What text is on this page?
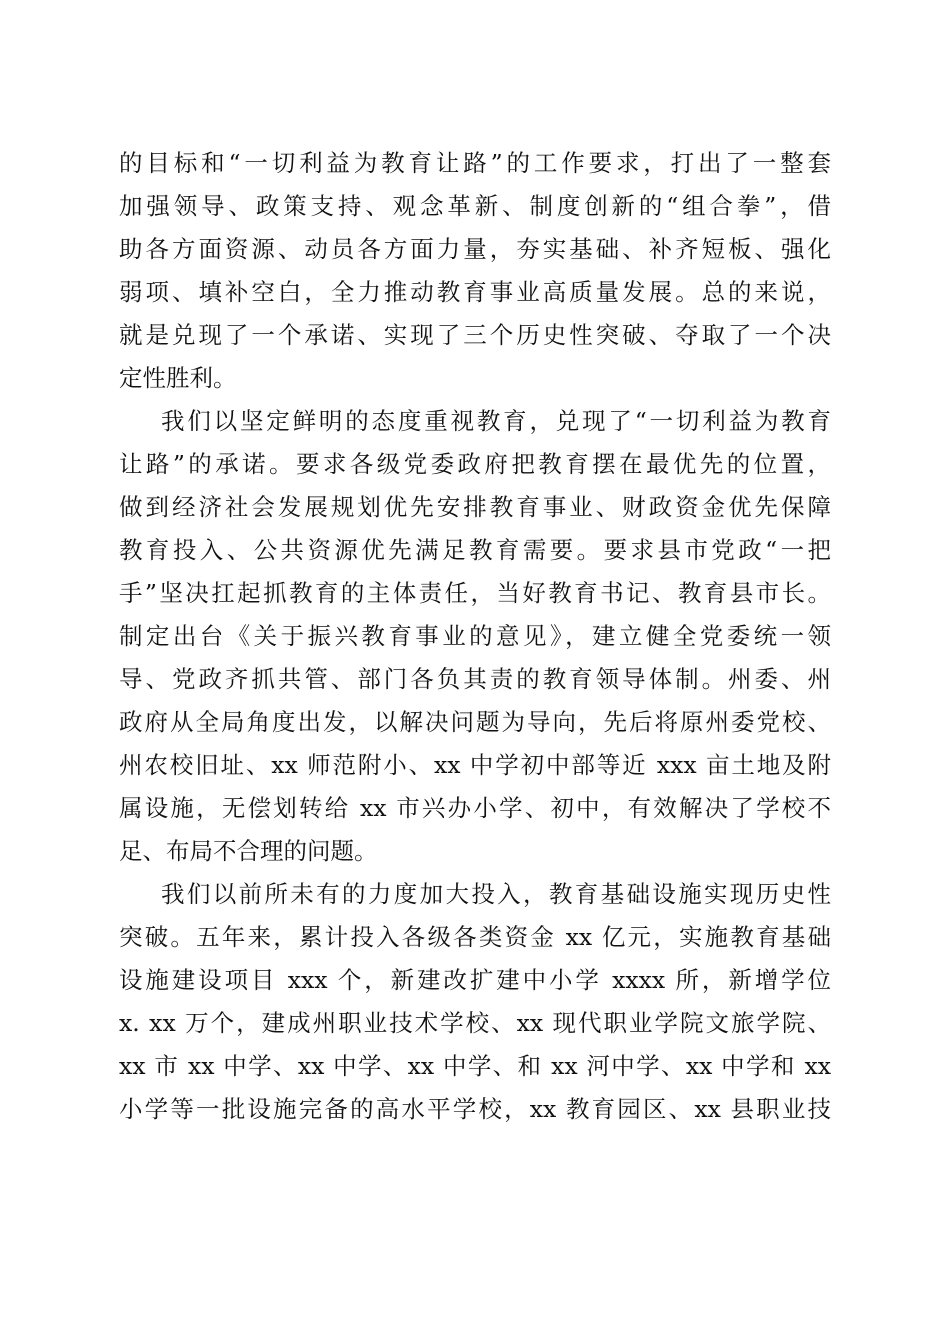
的目标和“一切利益为教育让路”的工作要求，打出了一整套
加强领导、政策支持、观念革新、制度创新的“组合拳”，借
助各方面资源、动员各方面力量，夯实基础、补齐短板、强化
弱项、填补空白，全力推动教育事业高质量发展。总的来说，
就是兑现了一个承诺、实现了三个历史性突破、夺取了一个决
定性胜利。
我们以坚定鲜明的态度重视教育，兑现了“一切利益为教育
让路”的承诺。要求各级党委政府把教育摆在最优先的位置，
做到经济社会发展规划优先安排教育事业、财政资金优先保障
教育投入、公共资源优先满足教育需要。要求县市党政“一把
手”坚决扛起抓教育的主体责任，当好教育书记、教育县市长。
制定出台《关于振兴教育事业的意见》，建立健全党委统一领
导、党政齐抓共管、部门各负其责的教育领导体制。州委、州
政府从全局角度出发，以解决问题为导向，先后将原州委党校、
州农校旧址、xx 师范附小、xx 中学初中部等近 xxx 亩土地及附
属设施，无偿划转给 xx 市兴办小学、初中，有效解决了学校不
足、布局不合理的问题。
我们以前所未有的力度加大投入，教育基础设施实现历史性
突破。五年来，累计投入各级各类资金 xx 亿元，实施教育基础
设施建设项目 xxx 个，新建改扩建中小学 xxxx 所，新增学位
x. xx 万个，建成州职业技术学校、xx 现代职业学院文旅学院、
xx 市 xx 中学、xx 中学、xx 中学、和 xx 河中学、xx 中学和 xx
小学等一批设施完备的高水平学校，xx 教育园区、xx 县职业技
